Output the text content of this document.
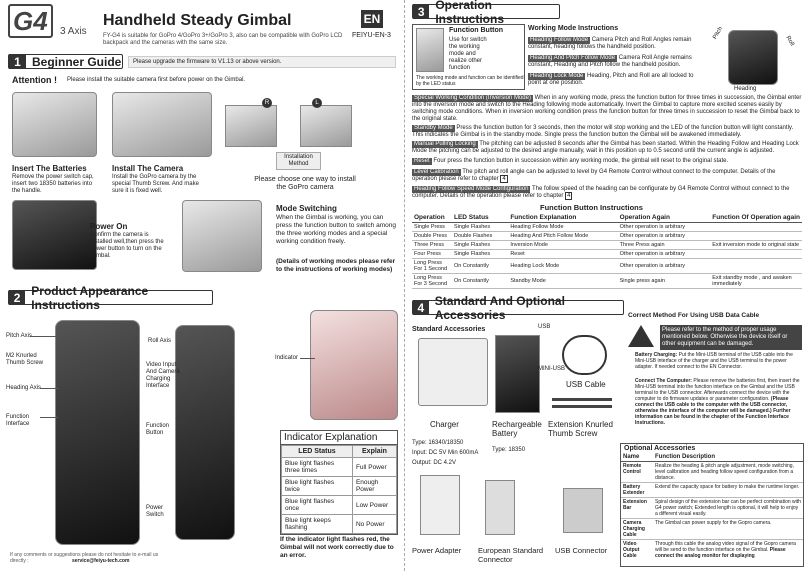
G4 3 Axis
Handheld Steady Gimbal	EN
FEIYU-EN-3
FY-G4 is suitable for GoPro 4/GoPro 3+/GoPro 3, also can be compatible with GoPro LCD backpack and the cameras with the same size.
1 Beginner Guide	Please upgrade the firmware to V1.13 or above version.
Attention ! Please install the suitable camera first before power on the Gimbal.
Insert The Batteries
Remove the power switch cap, insert two 18350 batteries into the handle.
Install The Camera
Install the GoPro camera by the special Thumb Screw. And make sure it is fixed well.
R	L
Installation Method
Please choose one way to install the GoPro camera
Power On
Confirm the camera is installed well,then press the power button to turn on the Gimbal.
Mode Switching
When the Gimbal is working, you can press the function button to switch among the three working modes and a special working condition freely.
(Details of working modes please refer to the instructions of working modes)
2 Product Appearance Instructions
Pitch Axis
M2 Knurled Thumb Screw
Heading Axis
Function Interface
Roll Axis
Video Input And Camera Charging Interface
Function Button
Power Switch
Indicator
Indicator Explanation
LED Status	Explain
Blue light flashes three times	Full Power
Blue light flashes twice	Enough Power
Blue light flashes once	Low Power
Blue light keeps flashing	No Power
If the indicator light flashes red, the Gimbal will not work correctly due to an error.
If any comments or suggestions please do not hesitate to e-mail us directly :	service@feiyu-tech.com
3 Operation Instructions
Function Button
Use for switch the working mode and realize other function
The working mode and function can be identified by the LED status
Working Mode Instructions
Heading Follow Mode Camera Pitch and Roll Angles remain constant, heading follows the handheld position.
Heading And Pitch Follow Mode Camera Roll Angle remains constant, Heading and Pitch follow the handheld position.
Heading Lock Mode Heading, Pitch and Roll are all locked to point at one position.
Pitch
Roll
Heading
Special Working Condition (Inversion Mode) When in any working mode, press the function button for three times in succession, the Gimbal enter into the inversion mode and switch to the Heading following mode automatically. Invert the Gimbal to capture more excited scenes easily by switching mode conditions. When in inversion working condition press the function button for three times in succession to reset the Gimbal back to the original state.
Standby Mode Press the function button for 3 seconds, then the motor will stop working and the LED of the function button will light constantly. This indicates the Gimbal is in the standby mode. Single press the function button the Gimbal will be awakened immediately.
Manual Pulling Locking The pitching can be adjusted 8 seconds after the Gimbal has been started. Within the Heading Follow and Heading Lock Mode the pitching can be adjusted to the desired angle manually, wait in this position up to 0.5 second until the current angle is adjusted.
Reset Four press the function button in succession within any working mode, the gimbal will reset to the original state.
Level Calibration The pitch and roll angle can be adjusted to level by G4 Remote Control without connect to the computer. Details of the operation please refer to chapter 4
Heading Follow Speed Mode Configuration The follow speed of the heading can be configurate by G4 Remote Control without connect to the computer. Details of the operation please refer to chapter 4
Function Button Instructions
Operation	LED Status	Function Explanation	Operation Again	Function Of Operation again
Single Press	Single Flashes	Heading Follow Mode	Other operation is arbitrary	
Double Press	Double Flashes	Heading And Pitch Follow Mode	Other operation is arbitrary	
Three Press	Single Flashes	Inversion Mode	Three Press again	Exit inversion mode to original state
Four Press	Single Flashes	Reset	Other operation is arbitrary	
Long Press For 1 Second	On Constantly	Heading Lock Mode	Other operation is arbitrary	
Long Press For 3 Second	On Constantly	Standby Mode	Single press again	Exit standby mode , and awaken immediately
4 Standard And Optional Accessories
Standard Accessories	USB
MINI-USB
USB Cable
Charger	Rechargeable Battery
Extension Knurled Thumb Screw
Type: 16340/18350
Type: 18350
Input: DC 5V Min 600mA
Output: DC 4.2V
Power Adapter European Standard Connector
USB Connector
Correct Method For Using USB Data Cable
Please refer to the method of proper usage mentioned below. Otherwise the device itself or other equipment can be damaged.
Battery Charging: Put the Mini-USB terminal of the USB cable into the Mini-USB interface of the charger and the USB terminal to the power adapter. If needed connect to the EN Connector.
Connect The Computer: Please remove the batteries first, then insert the Mini-USB terminal into the function interface on the Gimbal and the USB terminal to the USB connector. Afterwards connect the device with the computer to do firmware updates or parameter configuration. (Please connect the USB cable to the computer with the USB connector, otherwise the interface of the computer will be damaged.) Further information can be found in the chapter of the Function Interface Instructions.
Optional Accessories
Name	Function Description
Remote Control	Realize the heading & pitch angle adjustment, mode switching, level calibration and heading follow speed configuration from a distance.
Battery Extender	Extend the capacity space for battery to make the runtime longer.
Extension Bar	Spiral design of the extension bar can be perfect combination with G4 power switch; Extended length is optional, it will help to enjoy a different visual easily.
Camera Charging Cable	The Gimbal can power supply for the Gopro camera.
Video Output Cable	Through this cable the analog video signal of the Gopro camera will be send to the function interface on the Gimbal. Please connect the analog monitor for displaying
